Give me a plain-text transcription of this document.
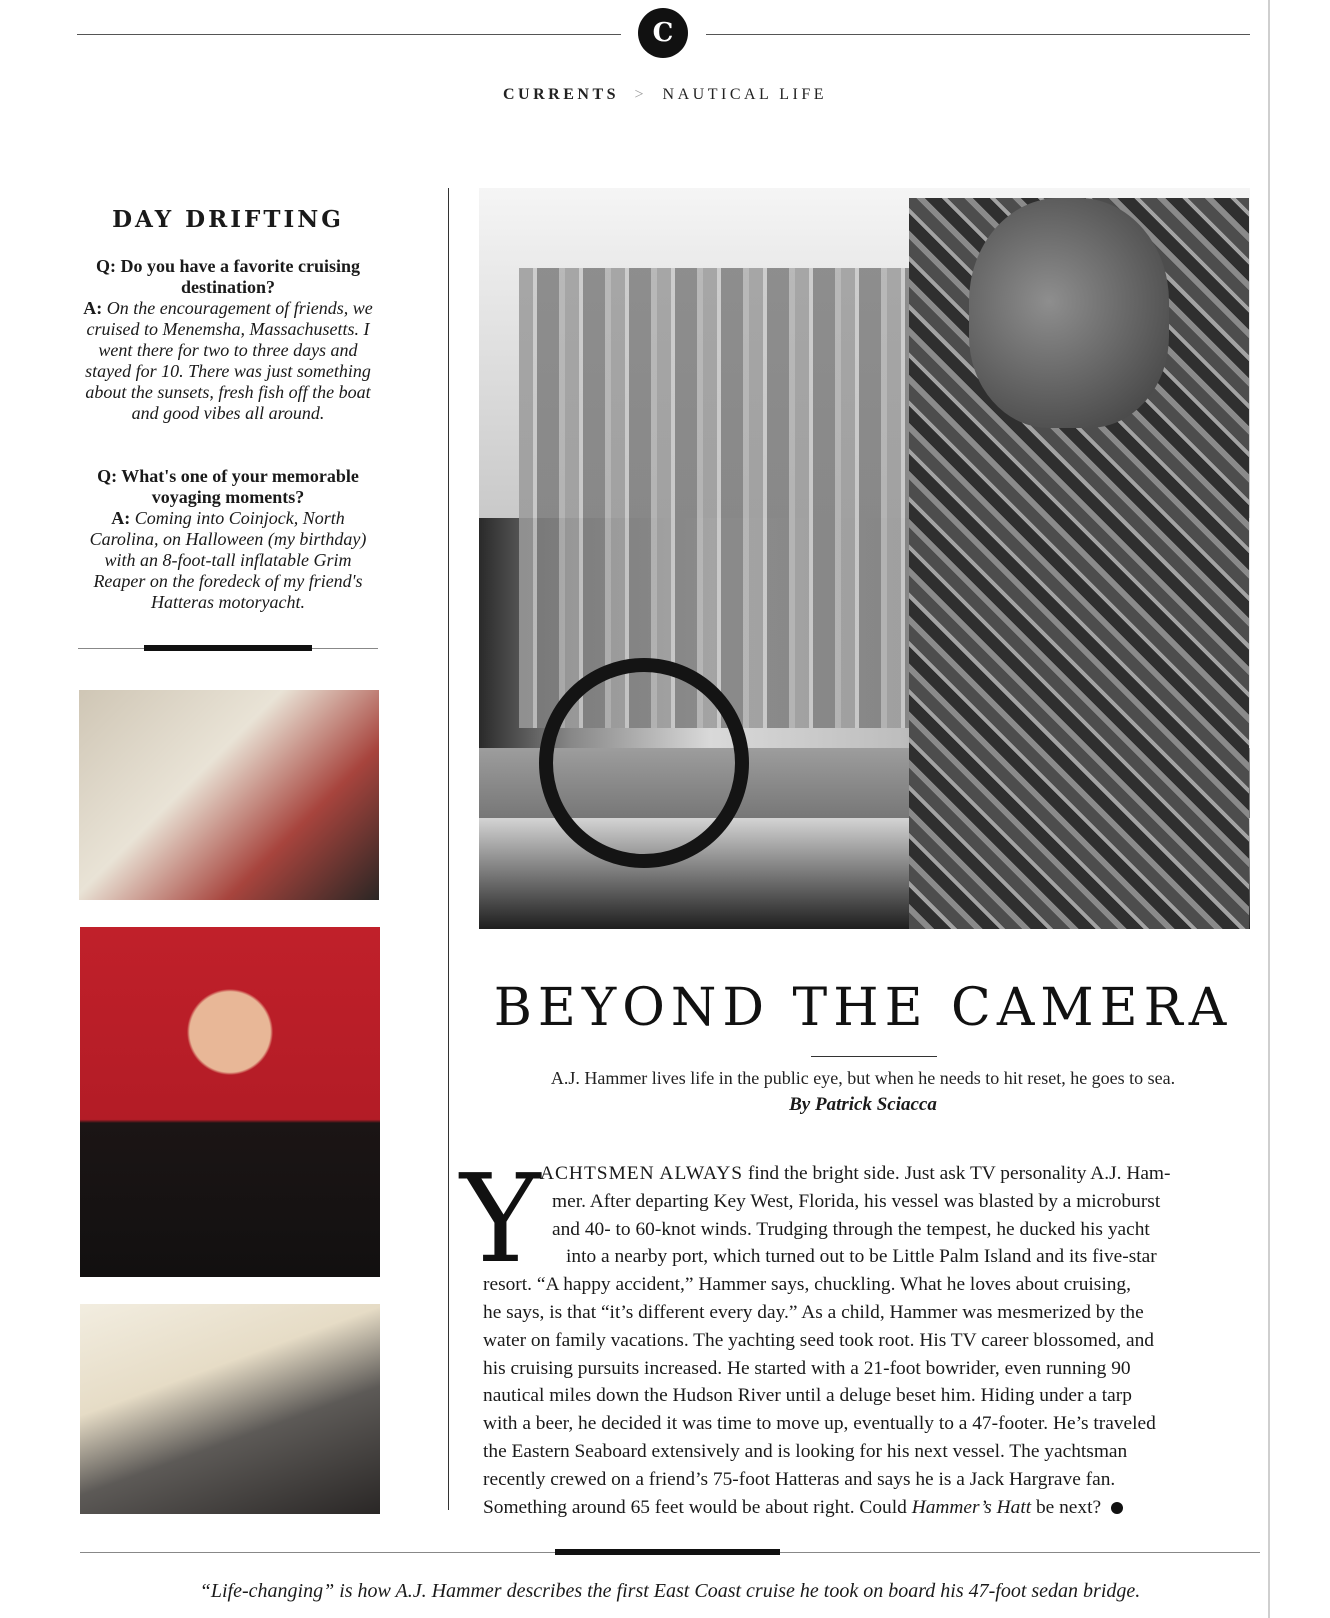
C
CURRENTS > NAUTICAL LIFE
DAY DRIFTING
Q: Do you have a favorite cruising destination?
A: On the encouragement of friends, we cruised to Menemsha, Massachusetts. I went there for two to three days and stayed for 10. There was just something about the sunsets, fresh fish off the boat and good vibes all around.
Q: What's one of your memorable voyaging moments?
A: Coming into Coinjock, North Carolina, on Halloween (my birthday) with an 8-foot-tall inflatable Grim Reaper on the foredeck of my friend's Hatteras motoryacht.
BEYOND THE CAMERA
A.J. Hammer lives life in the public eye, but when he needs to hit reset, he goes to sea.
By Patrick Sciacca
Y ACHTSMEN ALWAYS find the bright side. Just ask TV personality A.J. Ham-
mer. After departing Key West, Florida, his vessel was blasted by a microburst
and 40- to 60-knot winds. Trudging through the tempest, he ducked his yacht
into a nearby port, which turned out to be Little Palm Island and its five-star
resort. “A happy accident,” Hammer says, chuckling. What he loves about cruising,
he says, is that “it’s different every day.” As a child, Hammer was mesmerized by the
water on family vacations. The yachting seed took root. His TV career blossomed, and
his cruising pursuits increased. He started with a 21-foot bowrider, even running 90
nautical miles down the Hudson River until a deluge beset him. Hiding under a tarp
with a beer, he decided it was time to move up, eventually to a 47-footer. He’s traveled
the Eastern Seaboard extensively and is looking for his next vessel. The yachtsman
recently crewed on a friend’s 75-foot Hatteras and says he is a Jack Hargrave fan.
Something around 65 feet would be about right. Could Hammer’s Hatt be next?
“Life-changing” is how A.J. Hammer describes the first East Coast cruise he took on board his 47-foot sedan bridge.
